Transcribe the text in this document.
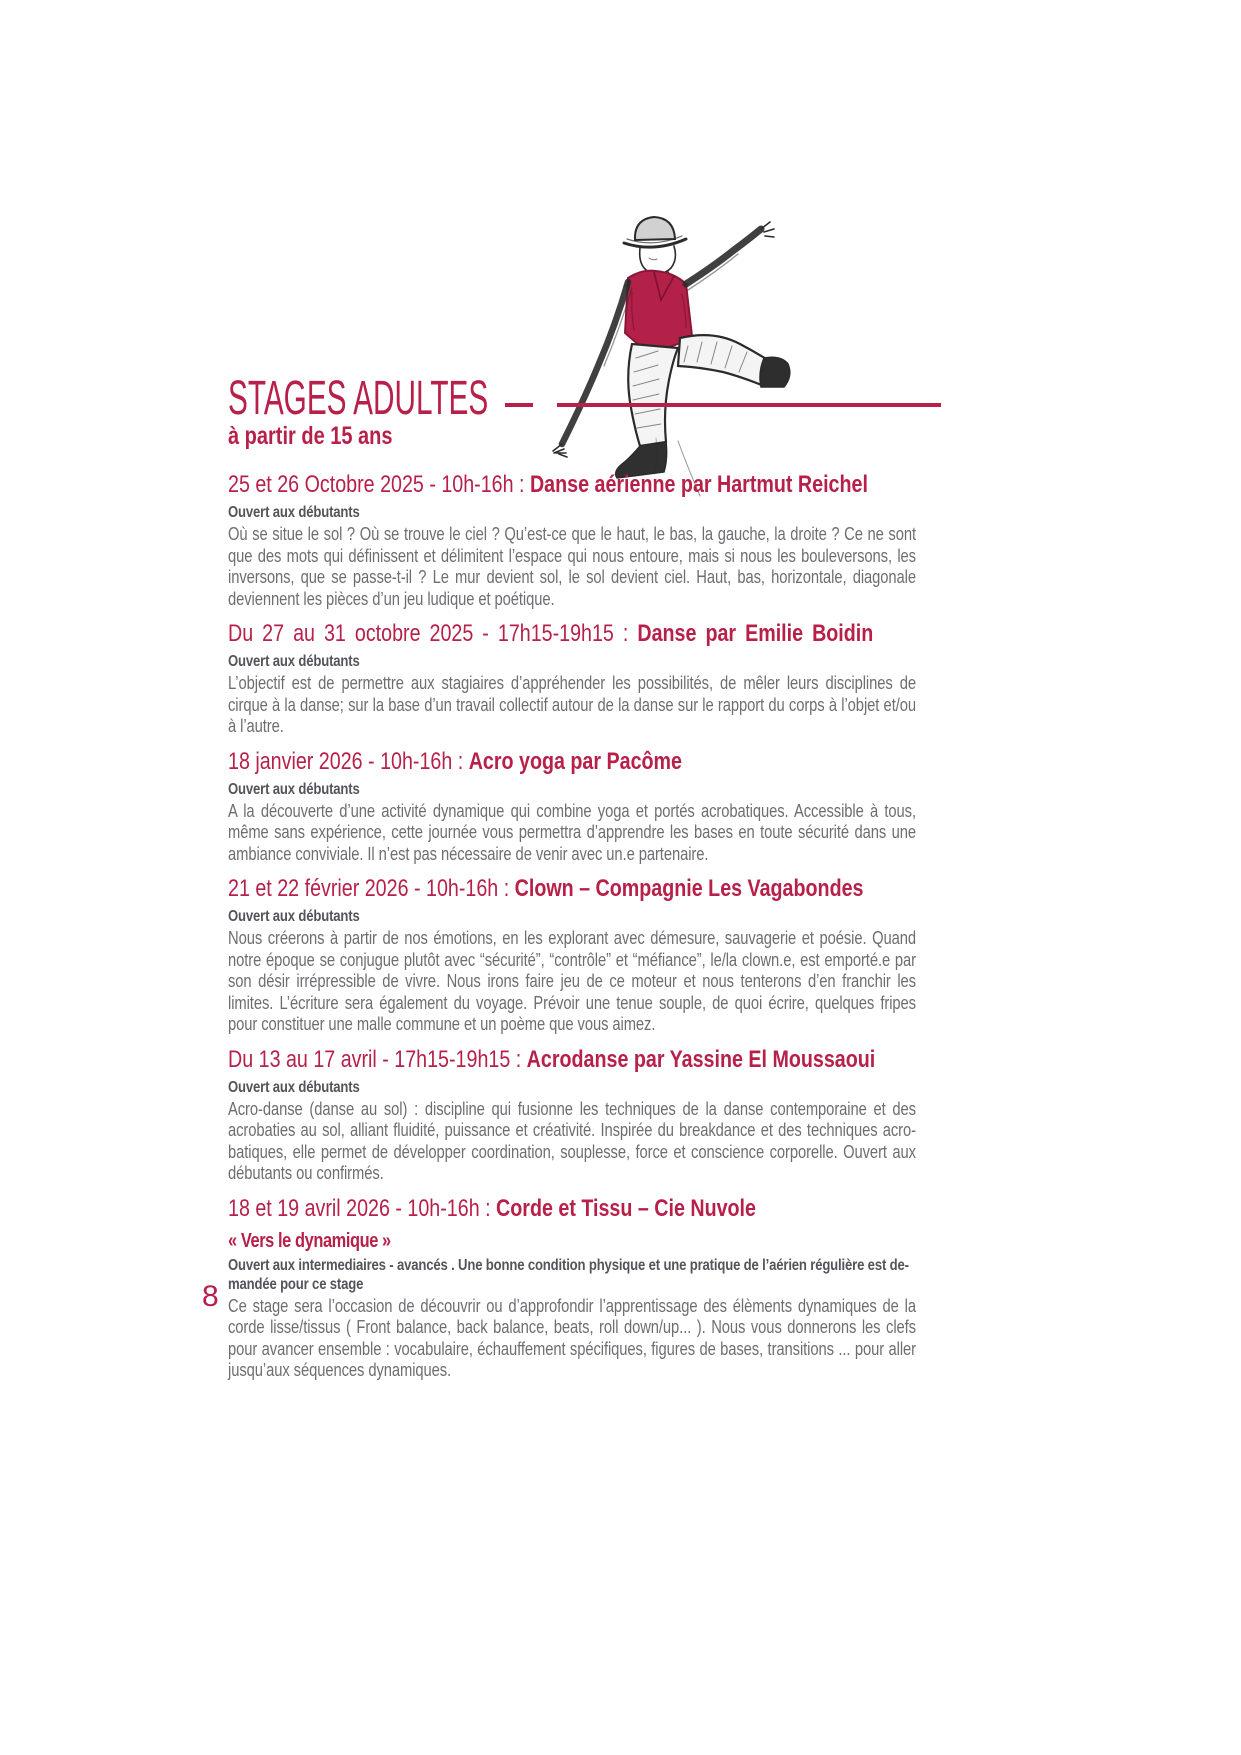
STAGES ADULTES
à partir de 15 ans
25 et 26 Octobre 2025 - 10h-16h : Danse aérienne par Hartmut Reichel
Ouvert aux débutants
Où se situe le sol ? Où se trouve le ciel ? Qu’est-ce que le haut, le bas, la gauche, la droite ? Ce ne sont que des mots qui définissent et délimitent l’espace qui nous entoure, mais si nous les bouleversons, les inversons, que se passe-t-il ? Le mur devient sol, le sol devient ciel. Haut, bas, horizontale, diagonale deviennent les pièces d’un jeu ludique et poétique.
Du 27 au 31 octobre 2025 - 17h15-19h15 : Danse par Emilie Boidin
Ouvert aux débutants
L’objectif est de permettre aux stagiaires d’appréhender les possibilités, de mêler leurs disciplines de cirque à la danse; sur la base d’un travail collectif autour de la danse sur le rapport du corps à l’objet et/ou à l’autre.
18 janvier 2026 - 10h-16h : Acro yoga par Pacôme
Ouvert aux débutants
A la découverte d’une activité dynamique qui combine yoga et portés acrobatiques. Accessible à tous, même sans expérience, cette journée vous permettra d’apprendre les bases en toute sécurité dans une ambiance conviviale. Il n’est pas nécessaire de venir avec un.e partenaire.
21 et 22 février 2026 - 10h-16h : Clown – Compagnie Les Vagabondes
Ouvert aux débutants
Nous créerons à partir de nos émotions, en les explorant avec démesure, sauvagerie et poésie. Quand notre époque se conjugue plutôt avec “sécurité”, “contrôle” et “méfiance”, le/la clown.e, est emporté.e par son désir irrépressible de vivre. Nous irons faire jeu de ce moteur et nous tenterons d’en franchir les limites. L’écriture sera également du voyage. Prévoir une tenue souple, de quoi écrire, quelques fripes pour constituer une malle commune et un poème que vous aimez.
Du 13 au 17 avril - 17h15-19h15 : Acrodanse par Yassine El Moussaoui
Ouvert aux débutants
Acro-danse (danse au sol) : discipline qui fusionne les techniques de la danse contemporaine et des acrobaties au sol, alliant fluidité, puissance et créativité. Inspirée du breakdance et des techniques acro-batiques, elle permet de développer coordination, souplesse, force et conscience corporelle. Ouvert aux débutants ou confirmés.
18 et 19 avril 2026 - 10h-16h : Corde et Tissu – Cie Nuvole
« Vers le dynamique »
Ouvert aux intermediaires - avancés . Une bonne condition physique et une pratique de l’aérien régulière est de-mandée pour ce stage
Ce stage sera l’occasion de découvrir ou d’approfondir l’apprentissage des élèments dynamiques de la corde lisse/tissus ( Front balance, back balance, beats, roll down/up... ). Nous vous donnerons les clefs pour avancer ensemble : vocabulaire, échauffement spécifiques, figures de bases, transitions ... pour aller jusqu’aux séquences dynamiques.
8
